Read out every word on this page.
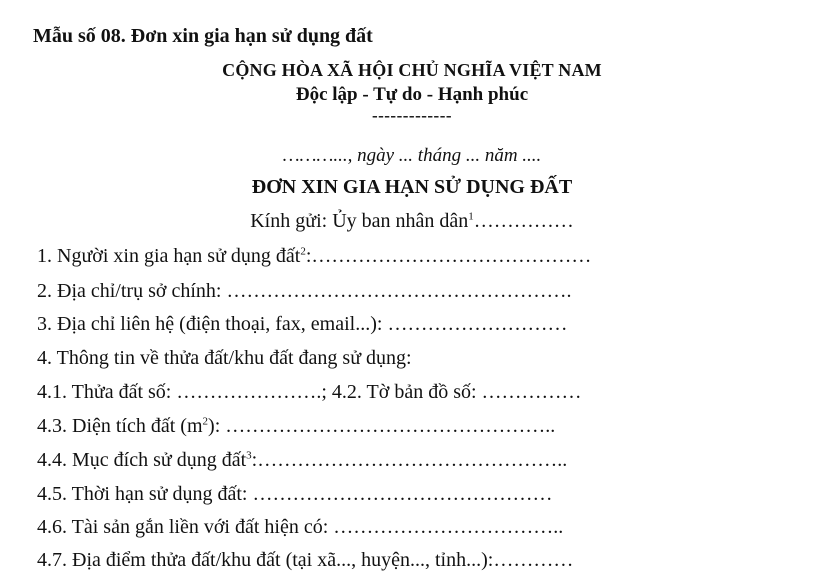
Mẫu số 08. Đơn xin gia hạn sử dụng đất
CỘNG HÒA XÃ HỘI CHỦ NGHĨA VIỆT NAM
Độc lập - Tự do - Hạnh phúc
-------------
………..., ngày ... tháng ... năm ....
ĐƠN XIN GIA HẠN SỬ DỤNG ĐẤT
Kính gửi: Ủy ban nhân dân$^1$……………
1. Người xin gia hạn sử dụng đất$^2$:……………………………………
2. Địa chỉ/trụ sở chính: …………………………………………….
3. Địa chỉ liên hệ (điện thoại, fax, email...): ………………………
4. Thông tin về thửa đất/khu đất đang sử dụng:
4.1. Thửa đất số: ………………….; 4.2. Tờ bản đồ số: ……………
4.3. Diện tích đất $(m^2)$: …………………………………………..
4.4. Mục đích sử dụng đất$^3$:………………………………………..
4.5. Thời hạn sử dụng đất: ………………………………………
4.6. Tài sản gắn liền với đất hiện có: ……………………………..
4.7. Địa điểm thửa đất/khu đất (tại xã..., huyện..., tỉnh...):…………
